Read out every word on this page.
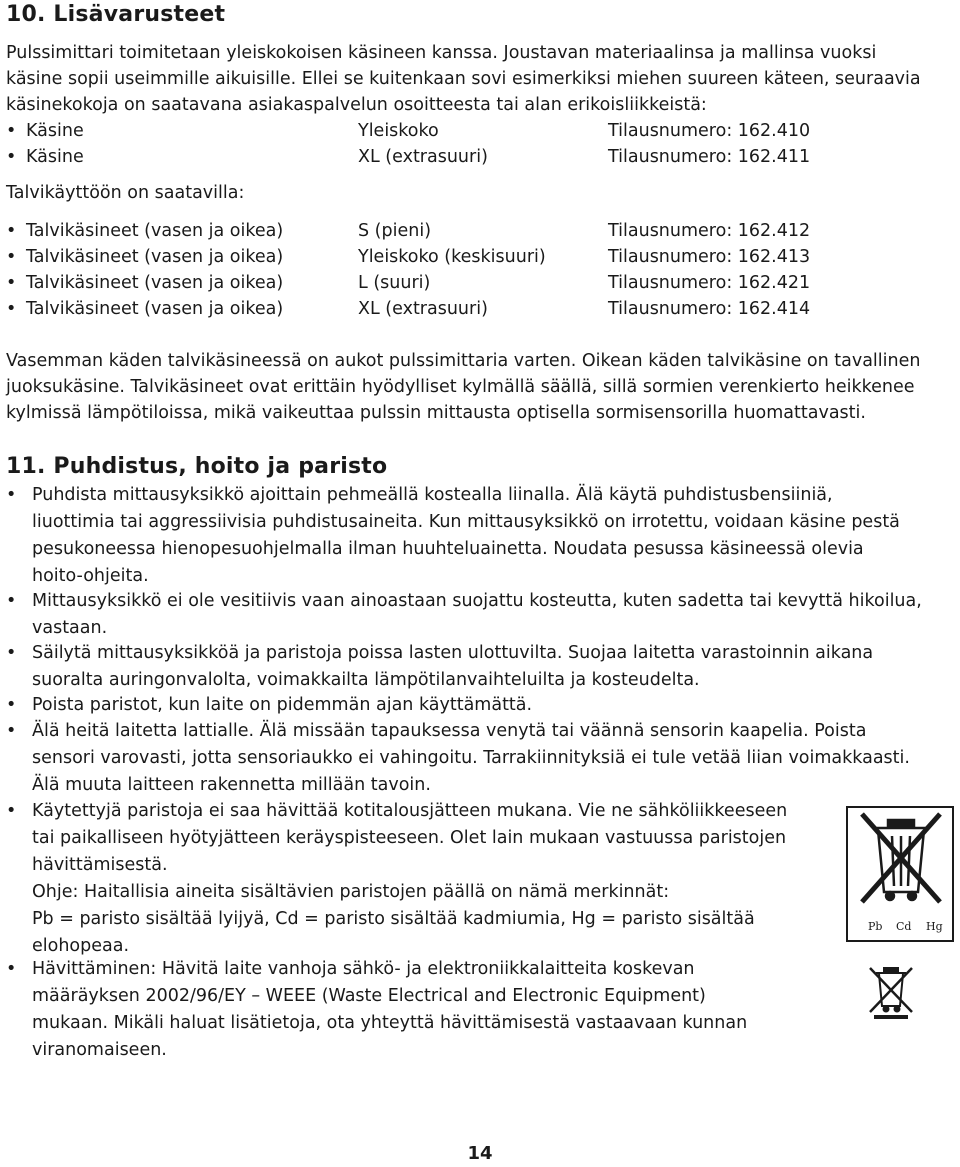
10. Lisävarusteet

Pulssimittari toimitetaan yleiskokoisen käsineen kanssa. Joustavan materiaalinsa ja mallinsa vuoksi

käsine sopii useimmille aikuisille. Ellei se kuitenkaan sovi esimerkiksi miehen suureen käteen, seuraavia

käsinekokoja on saatavana asiakaspalvelun osoitteesta tai alan erikoisliikkeistä:

• Käsine	Yleiskoko	Tilausnumero: 162.410
• Käsine	XL (extrasuuri)	Tilausnumero: 162.411

Talvikäyttöön on saatavilla:

• Talvikäsineet (vasen ja oikea)	S (pieni)	Tilausnumero: 162.412
• Talvikäsineet (vasen ja oikea)	Yleiskoko (keskisuuri)	Tilausnumero: 162.413
• Talvikäsineet (vasen ja oikea)	L (suuri)	Tilausnumero: 162.421
• Talvikäsineet (vasen ja oikea)	XL (extrasuuri)	Tilausnumero: 162.414

Vasemman käden talvikäsineessä on aukot pulssimittaria varten. Oikean käden talvikäsine on tavallinen

juoksukäsine. Talvikäsineet ovat erittäin hyödylliset kylmällä säällä, sillä sormien verenkierto heikkenee

kylmissä lämpötiloissa, mikä vaikeuttaa pulssin mittausta optisella sormisensorilla huomattavasti.

11. Puhdistus, hoito ja paristo
• Puhdista mittausyksikkö ajoittain pehmeällä kostealla liinalla. Älä käytä puhdistusbensiiniä,
liuottimia tai aggressiivisia puhdistusaineita. Kun mittausyksikkö on irrotettu, voidaan käsine pestä
pesukoneessa hienopesuohjelmalla ilman huuhteluainetta. Noudata pesussa käsineessä olevia
hoito-ohjeita.
• Mittausyksikkö ei ole vesitiivis vaan ainoastaan suojattu kosteutta, kuten sadetta tai kevyttä hikoilua,
vastaan.
• Säilytä mittausyksikköä ja paristoja poissa lasten ulottuvilta. Suojaa laitetta varastoinnin aikana
suoralta auringonvalolta, voimakkailta lämpötilanvaihteluilta ja kosteudelta.
• Poista paristot, kun laite on pidemmän ajan käyttämättä.
• Älä heitä laitetta lattialle. Älä missään tapauksessa venytä tai väännä sensorin kaapelia. Poista
sensori varovasti, jotta sensoriaukko ei vahingoitu. Tarrakiinnityksiä ei tule vetää liian voimakkaasti.
Älä muuta laitteen rakennetta millään tavoin.
• Käytettyjä paristoja ei saa hävittää kotitalousjätteen mukana. Vie ne sähköliikkeeseen
tai paikalliseen hyötyjätteen keräyspisteeseen. Olet lain mukaan vastuussa paristojen
hävittämisestä.
Ohje: Haitallisia aineita sisältävien paristojen päällä on nämä merkinnät:
Pb = paristo sisältää lyijyä, Cd = paristo sisältää kadmiumia, Hg = paristo sisältää
elohopeaa.
• Hävittäminen: Hävitä laite vanhoja sähkö- ja elektroniikkalaitteita koskevan
määräyksen 2002/96/EY – WEEE (Waste Electrical and Electronic Equipment)
mukaan. Mikäli haluat lisätietoja, ota yhteyttä hävittämisestä vastaavaan kunnan
viranomaiseen.
Pb Cd Hg
14
